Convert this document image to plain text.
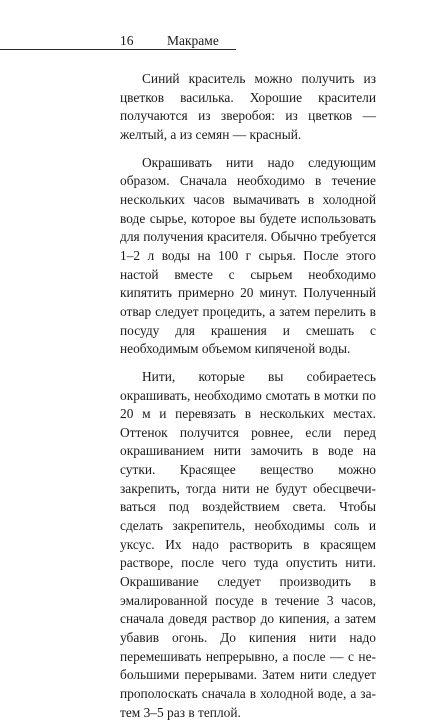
16 Макраме

Синий краситель можно получить из цветков василька. Хорошие красители получаются из зверобоя: из цветков — желтый, а из семян — красный.

Окрашивать нити надо следующим образом. Сначала необходимо в течение нескольких часов вымачивать в холодной воде сырье, которое вы будете использовать для получения красителя. Обычно требуется 1–2 л воды на 100 г сырья. После этого настой вместе с сырьем необходимо кипятить примерно 20 минут. Полученный отвар следует процедить, а затем перелить в посуду для крашения и смешать с необходимым объемом кипяченой воды.

Нити, которые вы собираетесь окрашивать, необходимо смотать в мотки по 20 м и перевязать в нескольких местах. Оттенок получится ровнее, если перед окрашиванием нити замочить в воде на сутки. Красящее вещество можно закрепить, тогда нити не будут обесцвечиваться под воздействием света. Чтобы сделать закрепитель, необходимы соль и уксус. Их надо растворить в красящем растворе, после чего туда опустить нити. Окрашивание следует производить в эмалированной посуде в течение 3 часов, сначала доведя раствор до кипения, а затем убавив огонь. До кипения нити надо перемешивать непрерывно, а после — с небольшими перерывами. Затем нити следует прополоскать сначала в холодной воде, а затем 3–5 раз в теплой.
